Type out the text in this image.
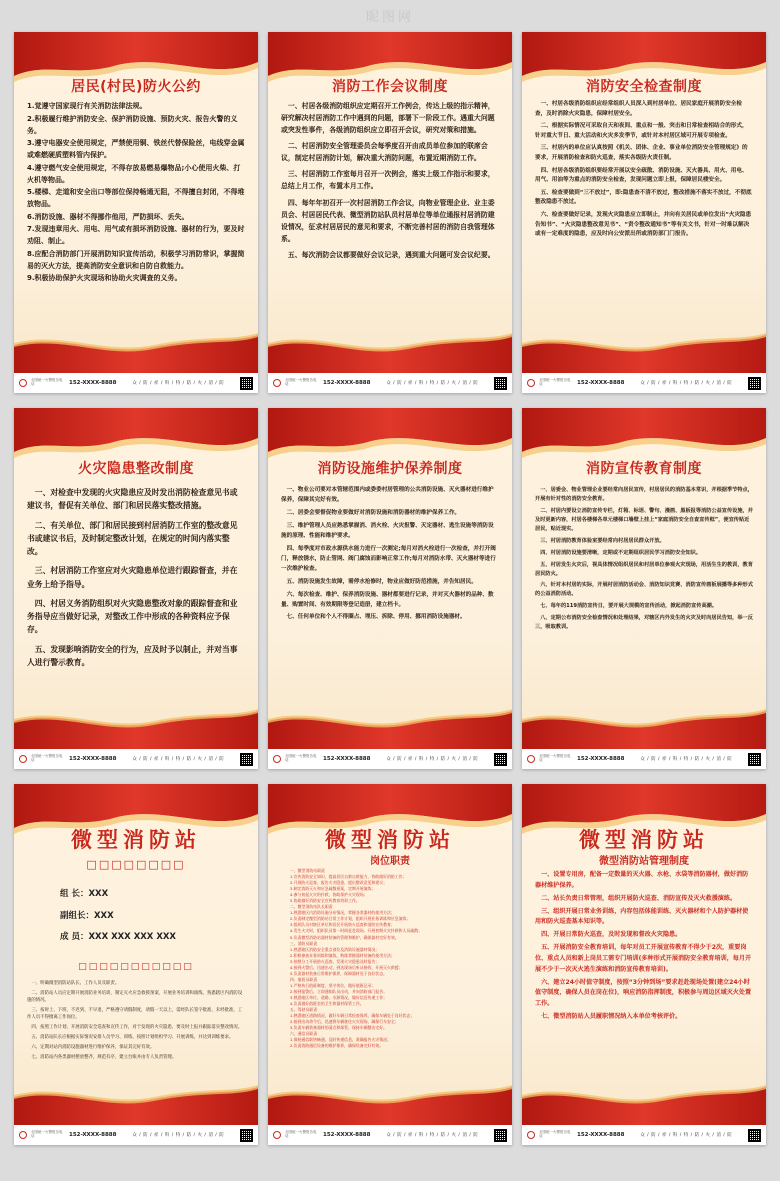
居民(村民)防火公约

1.觉遵守国家现行有关消防法律法规。

2.积极履行维护消防安全、保护消防设施、预防火灾、报告火警的义务。

3.遵守电器安全使用规定，严禁使用铜、铁丝代替保险丝，电线穿金属或难燃硬质塑料管内保护。

4.遵守燃气安全使用规定，不得存放易燃易爆物品;小心使用火柴、打火机等物品。

5.楼梯、走道和安全出口等部位保持畅通无阻，不得擅自封闭，不得堆放物品。

6.消防设施、器材不得挪作他用，严防损坏、丢失。

7.发现违章用火、用电、用气或有损坏消防设施、器材的行为，要及时劝阻、制止。

8.应配合消防部门开展消防知识宣传活动，积极学习消防常识，掌握简易的灭火方法，提高消防安全意识和自防自救能力。

9.积极协助保护火灾现场和协助火灾调查的义务。

全国统一火警报告电话	152-XXXX-8888	众 / 防 / 祥 / 科 / 特 / 防 / 火 / 消 / 防
消防工作会议制度

一、村居各级消防组织应定期召开工作例会，传达上级的指示精神，研究解决村居消防工作中遇到的问题，部署下一阶段工作。遇重大问题或突发性事件，各级消防组织应立即召开会议，研究对策和措施。

二、村居消防安全管理委员会每季度召开由成员单位参加的联席会议，制定村居消防计划，解决重大消防问题，布置近期消防工作。

三、村居消防工作室每月召开一次例会，落实上级工作指示和要求，总结上月工作，布置本月工作。

四、每年年初召开一次村居消防工作会议，向物业管理企业、业主委员会、村居居民代表、微型消防站队员村居单位等单位通报村居消防建设情况，征求村居居民的意见和要求，不断完善村居的消防自我管理体系。

五、每次消防会议都要做好会议记录，遇到重大问题可发会议纪要。

全国统一火警报告电话	152-XXXX-8888	众 / 防 / 祥 / 科 / 特 / 防 / 火 / 消 / 防
消防安全检查制度

一、村居各级消防组织应经常组织人员深入到村居单位、居民家庭开展消防安全检查，及时消除火灾隐患，保障村居安全。

二、根据实际情况可采取自天和夜间、重点和一般、突击和日常检查相结合的形式，针对重大节日、重大活动和火灾多发季节，或针对本村居区域可开展专项检查。

三、村居内的单位应认真按照《机关、团体、企业、事业单位消防安全管理规定》的要求，开展消防检查和防火巡查，落实各级防火责任制。

四、村居各级消防组织要经常开展以安全疏散、消防设施、灭火器具、用火、用电、用气、用油等为重点的消防安全检查，发现问题立即上报，保障居民楼安全。

五、检查要做到“三不放过”，即:隐患查不清不放过，整改措施不落实不放过，不彻底整改隐患不放过。

六、检查要做好记录，发现火灾隐患应立即制止，并向有关居民或单位发出“火灾隐患告知书”、“火灾隐患整改意见书”、“责令整改通知书”等有关文书，针对一时难以解决或有一定难度的隐患，应及时向公安派出所或消防部门门报告。

全国统一火警报告电话	152-XXXX-8888	众 / 防 / 祥 / 科 / 特 / 防 / 火 / 消 / 防
火灾隐患整改制度

一、对检查中发现的火灾隐患应及时发出消防检查意见书或建议书，督促有关单位、部门和居民落实整改措施。

二、有关单位、部门和居民接到村居消防工作室的整改意见书或建议书后，及时制定整改计划，在规定的时间内落实整改。

三、村居消防工作室应对火灾隐患单位进行跟踪督查，并在业务上给予指导。

四、村居义务消防组织对火灾隐患整改对象的跟踪督查和业务指导应当做好记录，对整改工作中形成的各种资料应予保存。

五、发现影响消防安全的行为，应及时予以制止，并对当事人进行警示教育。

全国统一火警报告电话	152-XXXX-8888	众 / 防 / 祥 / 科 / 特 / 防 / 火 / 消 / 防
消防设施维护保养制度

一、物业公司要对本管辖范围内或委委村居管理的公共消防设施、灭火器材进行维护保养，保障其完好有效。

二、居委会要督促物业要做好对消防设施和消防器材的维护保养工作。

三、维护管理人员应熟悉掌握消、消火栓、火灾报警、灭定器材、逃生设施等消防设施的原理、性能和维护要求。

四、每季度对市政水源供水能力进行一次测定;每月对消火栓进行一次检查，并打开阀门，释放锈水，防止管网、阀门腐蚀而影响正常工作;每月对消防水带、灭火器材等进行一次维护检查。

五、消防设施发生故障，需停水抢修时，物业应做好防范措施，并告知居民。

六、每次检查、维护、保养消防设施、器材都要进行记录，并对灭火器材的品种、数量、购置时间、有效期限等登记造册，建立档卡。

七、任何单位和个人不得圈占、埋压、拆除、停用、挪用消防设施器材。

全国统一火警报告电话	152-XXXX-8888	众 / 防 / 祥 / 科 / 特 / 防 / 火 / 消 / 防
消防宣传教育制度

一、居委会、物业管理企业要经常向居民宣传，村居居民的消防基本常识，并根据季节特点，开展有针对性的消防安全教育。

二、村居内要设立消防宣传专栏，灯箱、标语、警句、漫画、黑板报等消防公益宣传设施，并及时更新内容，村居各楼梯各单元楼梯口墙壁上挂上“家庭消防安全自查宣传框”，便宜传贴近居民，贴近现实。

三、村居消防教育体验室要经常向村居居民群众开放。

四、村居消防设施要清晰，定期或不定期组织居民学习消防安全知识。

五、村居发生火灾后，视具体情况组织居民和村居单位参观火灾现场，用活生生的教训，教育居民防火。

六、针对本村居的实际，开展村居消防活动会、消防知识竞赛、消防宣传画板展播等多种形式的公益消防活动。

七、每年的119消防宣传日，要开展大规模的宣传活动，掀起消防宣传高潮。

八、定期公布消防安全检查情况和处理结果，对辖区内外发生的火灾及时向居民告知，举一反三，吸取教训。

全国统一火警报告电话	152-XXXX-8888	众 / 防 / 祥 / 科 / 特 / 防 / 火 / 消 / 防
微型消防站
□□□□□□□□
组 长：XXX
副组长：XXX
成 员：XXX XXX XXX XXX
□□□□□□□□□□□

一、明确微型消防站队长、工作人员及职责。

二、消防站人员应定期开展消防业务培训，制定灭火应急救援预案，开展业务培训和演练，熟悉辖区内消防设施的情况。

三、按时上、下班，不迟到、不早退，严格遵守请假制度，请假一天以上，需经队长签字批准，未经批准，工作人员不得擅离工作岗位。

四、按照工作计划，开展消防安全巡查和宣传工作，对于发现的火灾隐患，要及时上报并跟踪落实整改情况。

五、消防站队长应根据实际情况安排人员学习、训练，按照计划组织学习、开展训练，并达到训练要求。

六、定期对站内消防设施器材进行维护保养，保证其完好有效。

七、消防站内各类器材摆放整齐，规范有序，建立台账并由专人负责管理。

全国统一火警报告电话	152-XXXX-8888	众 / 防 / 祥 / 科 / 特 / 防 / 火 / 消 / 防
微型消防站
岗位职责

一、微型消防站职责

1.宣传消防安全知识，提高居民自救自救能力，协助做好消防工作；

2.开展防火巡查，报告火灾隐患，提出整改意见和建议；

3.制定消防灭火和应急疏散预案，定期开展演练；

4.参与初起火灾的扑救，协助保护火灾现场；

5.协助做好消防安全宣传教育培训工作。

二、微型消防站队长职责

1.熟悉辖区内消防设施分布情况，掌握各类器材的使用方法；

2.负责制定微型消防站日常工作计划，组织开展业务训练和应急演练；

3.组织队员对辖区单位和居民开展防火巡查和消防宣传教育；

4.发生火灾时，组织队员第一时间赶赴现场，开展初期火灾扑救和人员疏散；

5.负责微型消防站器材装备的管理和维护，确保器材完好有效。

三、消防员职责

1.熟悉辖区消防安全重点部位及消防设施器材情况；

2.积极参加业务训练和演练，熟练掌握器材装备的使用方法；

3.按照分工开展防火巡查，发现火灾隐患及时报告；

4.接到火警后，迅速出动，到达现场后听从指挥，开展灭火救援；

5.负责器材装备日常维护保养，保障器材处于良好状态。

四、值班员职责

1.严格执行值班制度，坚守岗位，做好值班记录；

2.接到报警后，立即通知队员出动，并向消防部门报告；

3.熟悉辖区单位、道路、水源情况，做好信息传递工作；

4.负责做好值班室的卫生和器材保管工作。

五、驾驶员职责

1.熟悉辖区道路情况，做好车辆日常检查保养，确保车辆处于良好状态；

2.接到出动命令后，迅速将车辆驶往火灾现场，确保行车安全；

3.负责车辆装备器材的清点和保管，保持车辆整洁完好。

六、通信员职责

1.保持通信联络畅通，及时传递信息，准确报告火灾情况；

2.负责消防通信设备的维护保养，确保设备完好有效。

全国统一火警报告电话	152-XXXX-8888	众 / 防 / 祥 / 科 / 特 / 防 / 火 / 消 / 防
微型消防站
微型消防站管理制度

一、设置专用房，配备一定数量的灭火器、水枪、水袋等消防器材，做好消防器材维护保养。

二、站长负责日常管理，组织开展防火巡查、消防宣传及灭火救援演练。

三、组织开展日常业务训练，内容包括体能训练、灭火器材和个人防护器材使用和防火巡查基本知识等。

四、开展日常防火巡查，及时发现和督改火灾隐患。

五、开展消防安全教育培训，每年对员工开展宣传教育不得少于2次，重要岗位、重点人员和新上岗员工需专门培训(多种形式开展消防安全教育培训，每月开展不少于一次灭火逃生演练和消防宣传教育培训)。

六、建立24小时值守制度，按照“3分钟到场”要求赶赴现场处置(建立24小时值守制度，确保人员在岗在位)，响应消防指挥制度，积极参与周边区域灭火处置工作。

七、微型消防站人员履职情况纳入本单位考核评价。

全国统一火警报告电话	152-XXXX-8888	众 / 防 / 祥 / 科 / 特 / 防 / 火 / 消 / 防
昵图网
